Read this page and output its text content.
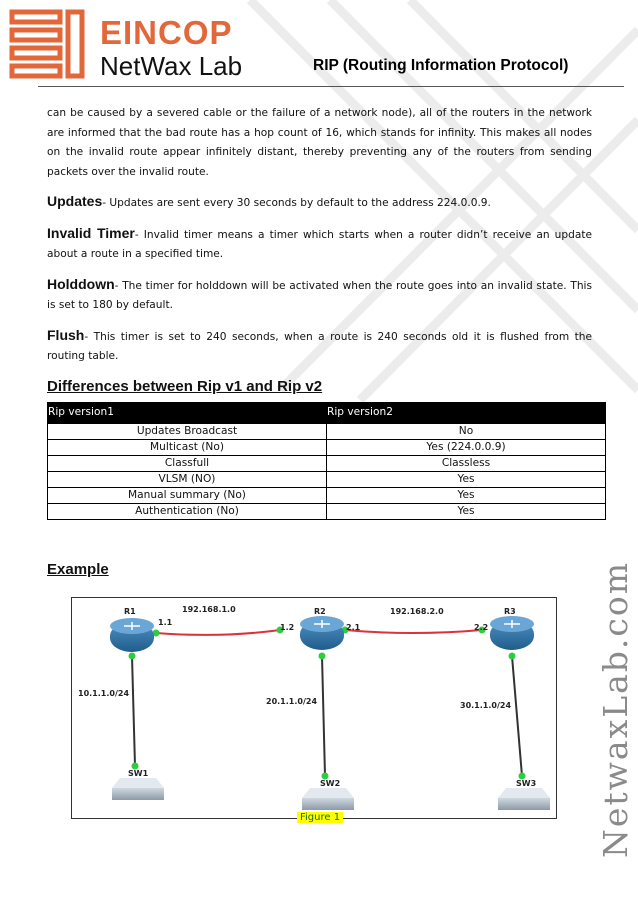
EINCOP
NetWax Lab	RIP (Routing Information Protocol)

can be caused by a severed cable or the failure of a network node), all of the routers in the network are informed that the bad route has a hop count of 16, which stands for infinity. This makes all nodes on the invalid route appear infinitely distant, thereby preventing any of the routers from sending packets over the invalid route.

Updates- Updates are sent every 30 seconds by default to the address 224.0.0.9.

Invalid Timer- Invalid timer means a timer which starts when a router didn’t receive an update about a route in a specified time.

Holddown- The timer for holddown will be activated when the route goes into an invalid state. This is set to 180 by default.

Flush- This timer is set to 240 seconds, when a route is 240 seconds old it is flushed from the routing table.

Differences between Rip v1 and Rip v2
Rip version1	Rip version2
Updates Broadcast	No
Multicast (No)	Yes (224.0.0.9)
Classfull	Classless
VLSM (NO)	Yes
Manual summary (No)	Yes
Authentication (No)	Yes
Example
R1	R2	R3
192.168.1.0	192.168.2.0
1.1
1.2	2.1	2.2
10.1.1.0/24
20.1.1.0/24	30.1.1.0/24
SW1
SW2	SW3
Figure 1	NetwaxLab.com
